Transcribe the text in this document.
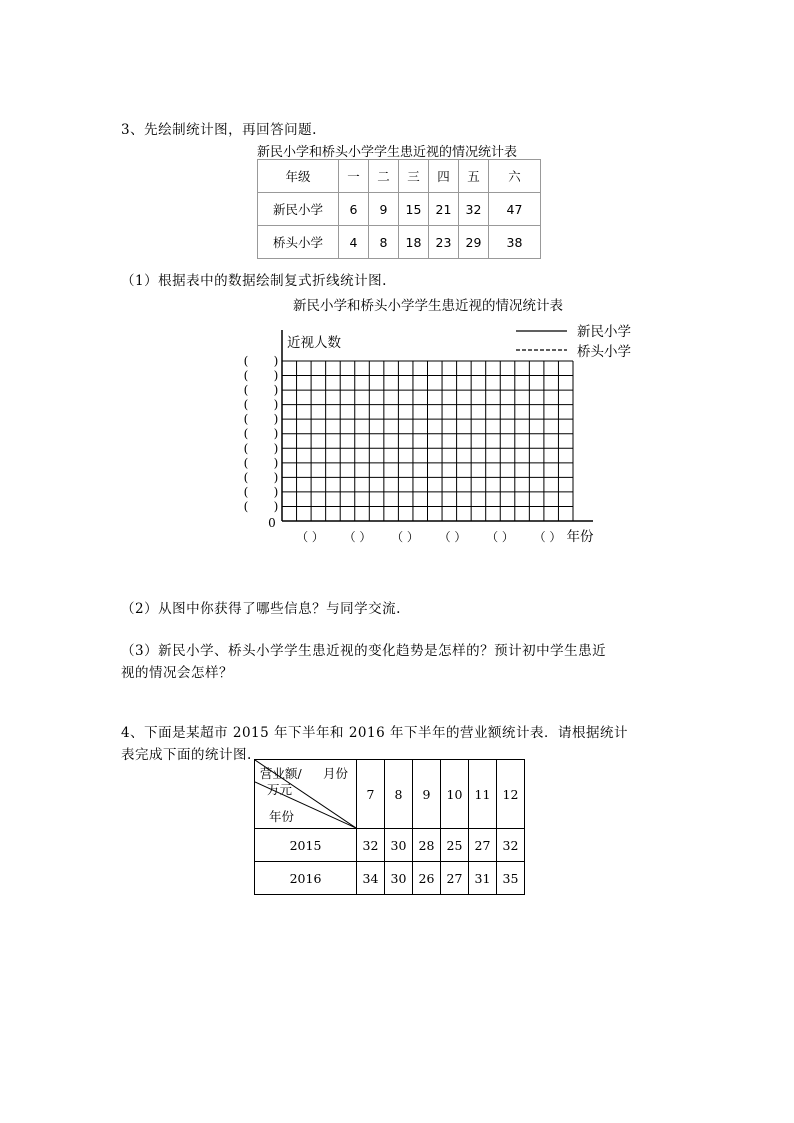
3、先绘制统计图，再回答问题.
新民小学和桥头小学学生患近视的情况统计表
年级	一	二	三	四	五	六
新民小学	6	9	15	21	32	47
桥头小学	4	8	18	23	29	38
（1）根据表中的数据绘制复式折线统计图.
新民小学和桥头小学学生患近视的情况统计表
近视人数
新民小学
桥头小学
( )
( )
( )
( )
( )
( )
( )
( )
( )
( )
( )
（ ） （ ） （ ） （ ） （ ） （ ）
0
年份
（2）从图中你获得了哪些信息？与同学交流.
（3）新民小学、桥头小学学生患近视的变化趋势是怎样的？预计初中学生患近
视的情况会怎样？
4、下面是某超市 2015 年下半年和 2016 年下半年的营业额统计表．请根据统计
表完成下面的统计图.
营业额/ 月份
万元
年份	7	8	9	10	11	12
2015	32	30	28	25	27	32
2016	34	30	26	27	31	35
